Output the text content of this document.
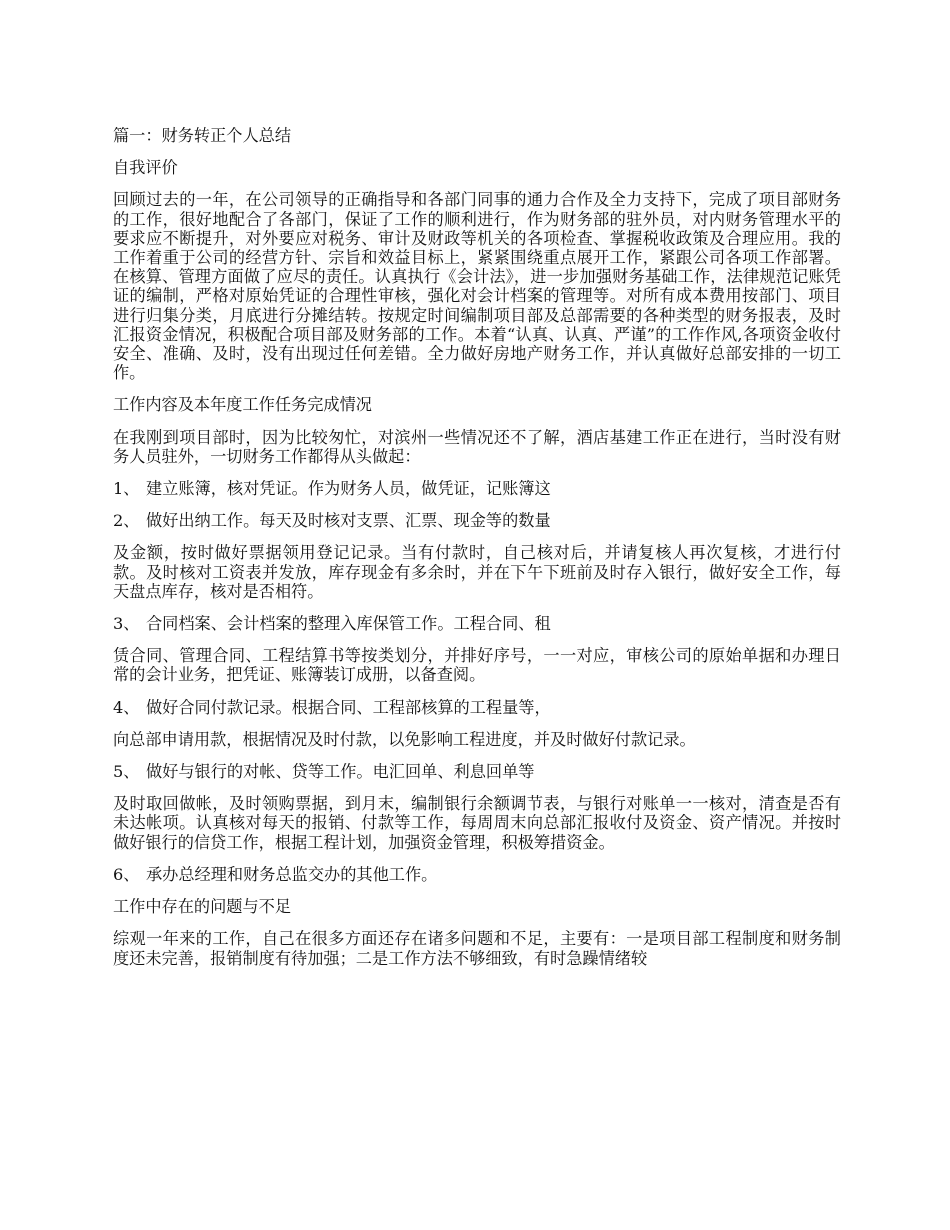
篇一：财务转正个人总结

自我评价

回顾过去的一年，在公司领导的正确指导和各部门同事的通力合作及全力支持下，完成了项目部财务的工作，很好地配合了各部门，保证了工作的顺利进行，作为财务部的驻外员，对内财务管理水平的要求应不断提升，对外要应对税务、审计及财政等机关的各项检查、掌握税收政策及合理应用。我的工作着重于公司的经营方针、宗旨和效益目标上，紧紧围绕重点展开工作，紧跟公司各项工作部署。在核算、管理方面做了应尽的责任。认真执行《会计法》，进一步加强财务基础工作，法律规范记账凭证的编制，严格对原始凭证的合理性审核，强化对会计档案的管理等。对所有成本费用按部门、项目进行归集分类，月底进行分摊结转。按规定时间编制项目部及总部需要的各种类型的财务报表，及时汇报资金情况，积极配合项目部及财务部的工作。本着“认真、认真、严谨”的工作作风,各项资金收付安全、准确、及时，没有出现过任何差错。全力做好房地产财务工作，并认真做好总部安排的一切工作。

工作内容及本年度工作任务完成情况

在我刚到项目部时，因为比较匆忙，对滨州一些情况还不了解，酒店基建工作正在进行，当时没有财务人员驻外，一切财务工作都得从头做起：

1、 建立账簿，核对凭证。作为财务人员，做凭证，记账簿这

2、 做好出纳工作。每天及时核对支票、汇票、现金等的数量

及金额，按时做好票据领用登记记录。当有付款时，自己核对后，并请复核人再次复核，才进行付款。及时核对工资表并发放，库存现金有多余时，并在下午下班前及时存入银行，做好安全工作，每天盘点库存，核对是否相符。

3、 合同档案、会计档案的整理入库保管工作。工程合同、租

赁合同、管理合同、工程结算书等按类划分，并排好序号，一一对应，审核公司的原始单据和办理日常的会计业务，把凭证、账簿装订成册，以备查阅。

4、 做好合同付款记录。根据合同、工程部核算的工程量等，

向总部申请用款，根据情况及时付款，以免影响工程进度，并及时做好付款记录。

5、 做好与银行的对帐、贷等工作。电汇回单、利息回单等

及时取回做帐，及时领购票据，到月末，编制银行余额调节表，与银行对账单一一核对，清查是否有未达帐项。认真核对每天的报销、付款等工作，每周周末向总部汇报收付及资金、资产情况。并按时做好银行的信贷工作，根据工程计划，加强资金管理，积极筹措资金。

6、 承办总经理和财务总监交办的其他工作。

工作中存在的问题与不足

综观一年来的工作，自己在很多方面还存在诸多问题和不足，主要有：一是项目部工程制度和财务制度还未完善，报销制度有待加强；二是工作方法不够细致，有时急躁情绪较
